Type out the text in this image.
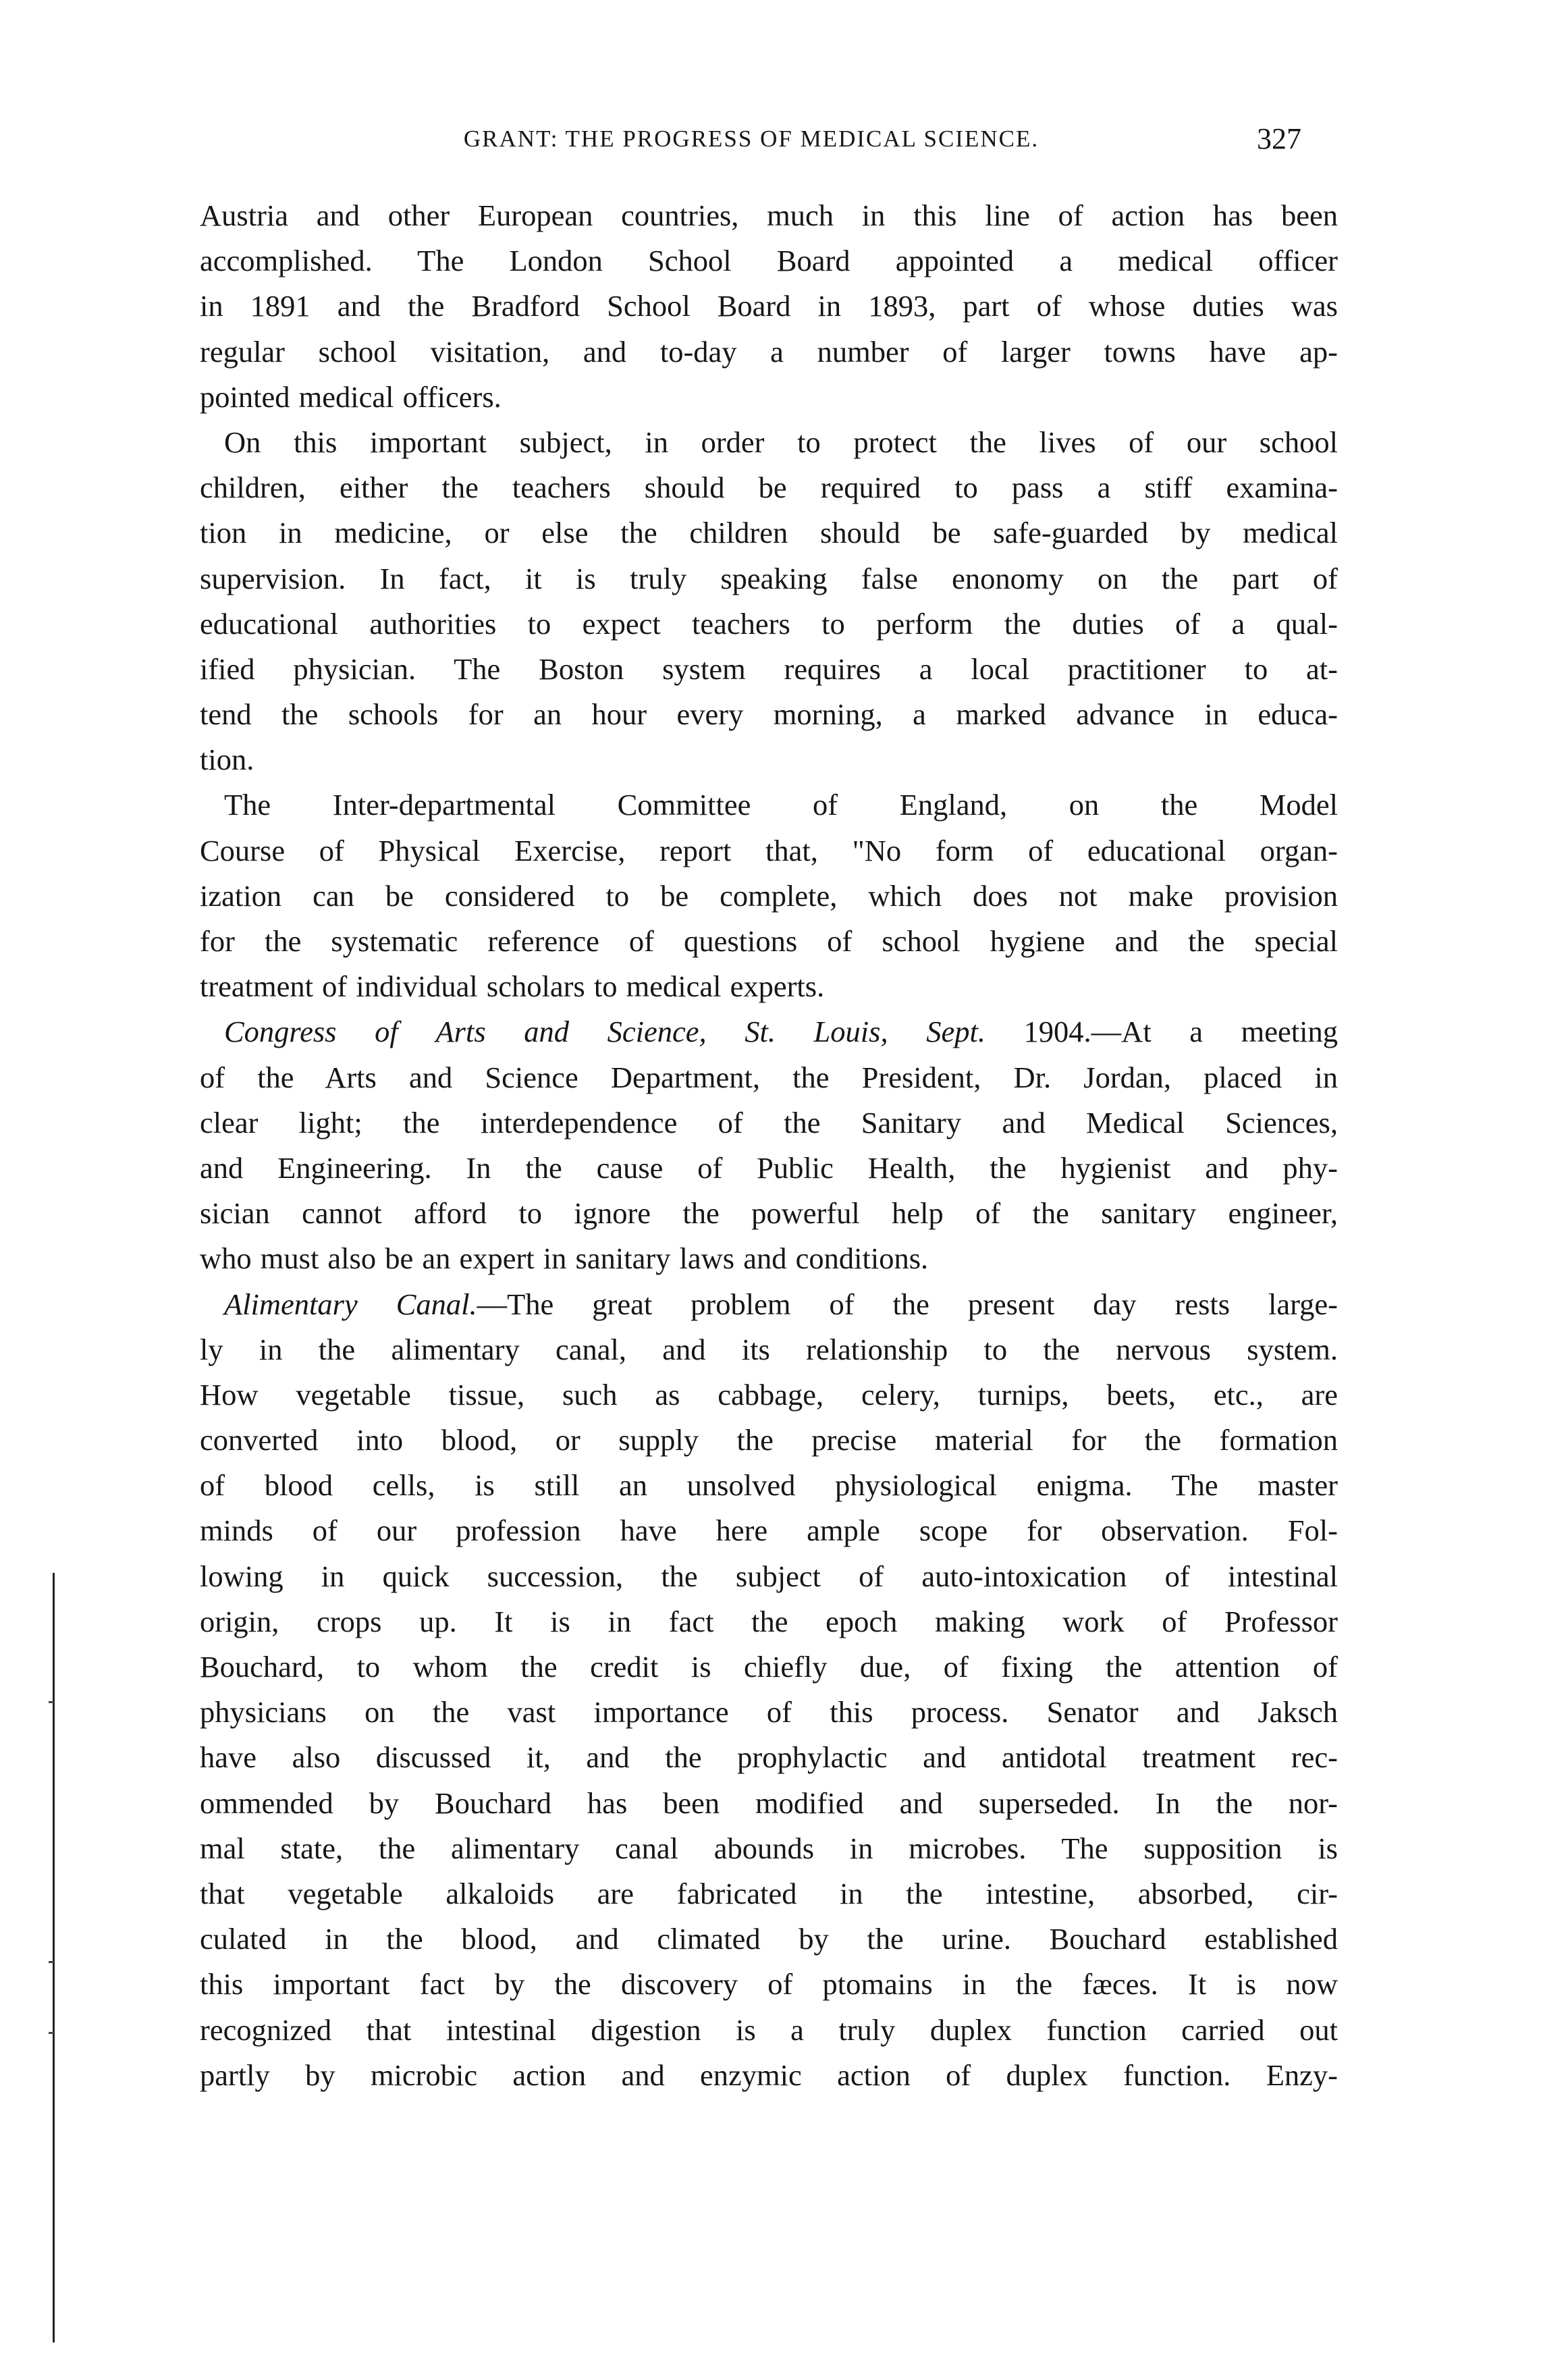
GRANT: THE PROGRESS OF MEDICAL SCIENCE.	327
Austria and other European countries, much in this line of action has been
accomplished. The London School Board appointed a medical officer
in 1891 and the Bradford School Board in 1893, part of whose duties was
regular school visitation, and to-day a number of larger towns have ap-
pointed medical officers.
On this important subject, in order to protect the lives of our school
children, either the teachers should be required to pass a stiff examina-
tion in medicine, or else the children should be safe-guarded by medical
supervision. In fact, it is truly speaking false enonomy on the part of
educational authorities to expect teachers to perform the duties of a qual-
ified physician. The Boston system requires a local practitioner to at-
tend the schools for an hour every morning, a marked advance in educa-
tion.
The Inter-departmental Committee of England, on the Model
Course of Physical Exercise, report that, "No form of educational organ-
ization can be considered to be complete, which does not make provision
for the systematic reference of questions of school hygiene and the special
treatment of individual scholars to medical experts.
Congress of Arts and Science, St. Louis, Sept. 1904.—At a meeting
of the Arts and Science Department, the President, Dr. Jordan, placed in
clear light; the interdependence of the Sanitary and Medical Sciences,
and Engineering. In the cause of Public Health, the hygienist and phy-
sician cannot afford to ignore the powerful help of the sanitary engineer,
who must also be an expert in sanitary laws and conditions.
Alimentary Canal.—The great problem of the present day rests large-
ly in the alimentary canal, and its relationship to the nervous system.
How vegetable tissue, such as cabbage, celery, turnips, beets, etc., are
converted into blood, or supply the precise material for the formation
of blood cells, is still an unsolved physiological enigma. The master
minds of our profession have here ample scope for observation. Fol-
lowing in quick succession, the subject of auto-intoxication of intestinal
origin, crops up. It is in fact the epoch making work of Professor
Bouchard, to whom the credit is chiefly due, of fixing the attention of
physicians on the vast importance of this process. Senator and Jaksch
have also discussed it, and the prophylactic and antidotal treatment rec-
ommended by Bouchard has been modified and superseded. In the nor-
mal state, the alimentary canal abounds in microbes. The supposition is
that vegetable alkaloids are fabricated in the intestine, absorbed, cir-
culated in the blood, and climated by the urine. Bouchard established
this important fact by the discovery of ptomains in the fæces. It is now
recognized that intestinal digestion is a truly duplex function carried out
partly by microbic action and enzymic action of duplex function. Enzy-
